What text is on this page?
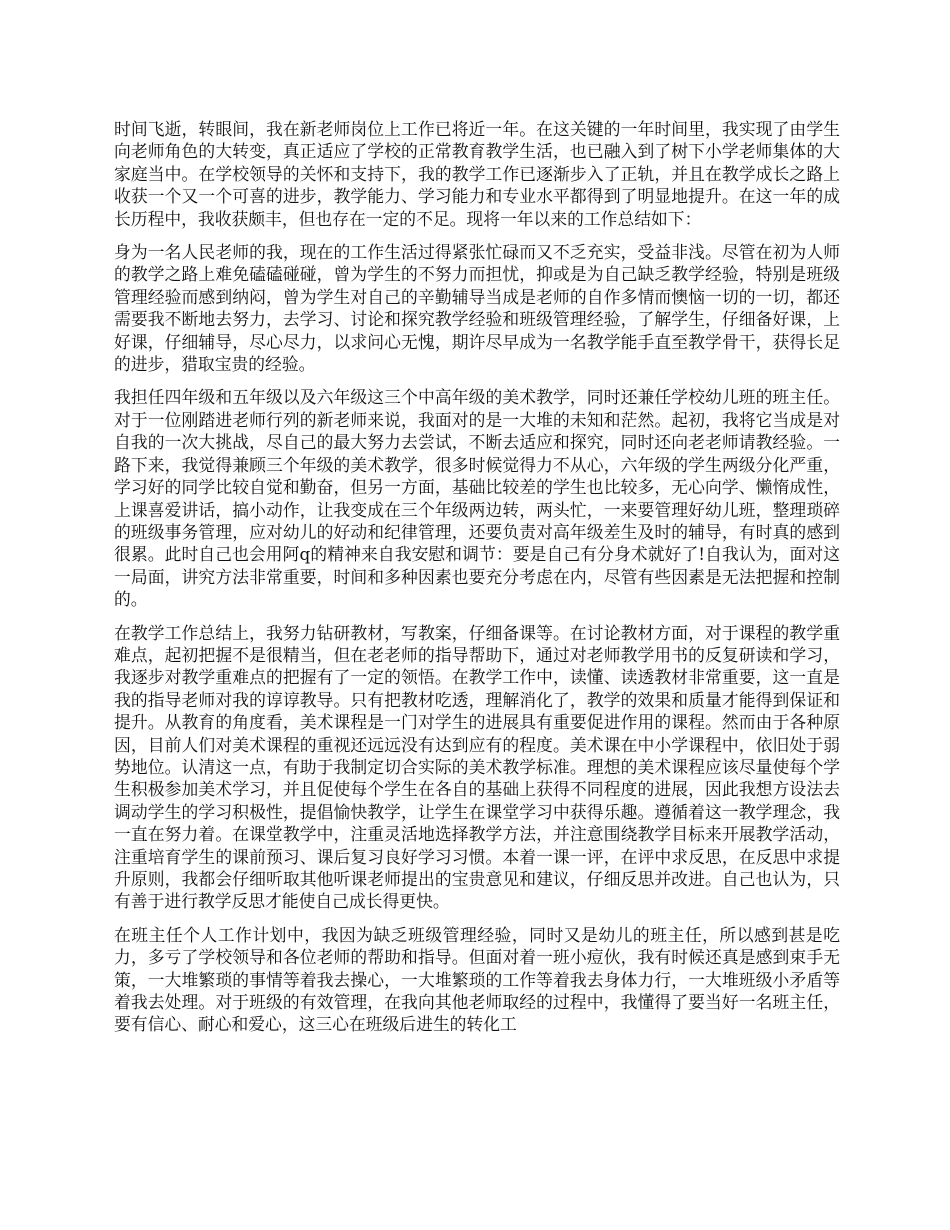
时间飞逝，转眼间，我在新老师岗位上工作已将近一年。在这关键的一年时间里，我实现了由学生向老师角色的大转变，真正适应了学校的正常教育教学生活，也已融入到了树下小学老师集体的大家庭当中。在学校领导的关怀和支持下，我的教学工作已逐渐步入了正轨，并且在教学成长之路上收获一个又一个可喜的进步，教学能力、学习能力和专业水平都得到了明显地提升。在这一年的成长历程中，我收获颇丰，但也存在一定的不足。现将一年以来的工作总结如下：

身为一名人民老师的我，现在的工作生活过得紧张忙碌而又不乏充实，受益非浅。尽管在初为人师的教学之路上难免磕磕碰碰，曾为学生的不努力而担忧，抑或是为自己缺乏教学经验，特别是班级管理经验而感到纳闷，曾为学生对自己的辛勤辅导当成是老师的自作多情而懊恼一切的一切，都还需要我不断地去努力，去学习、讨论和探究教学经验和班级管理经验，了解学生，仔细备好课，上好课，仔细辅导，尽心尽力，以求问心无愧，期许尽早成为一名教学能手直至教学骨干，获得长足的进步，猎取宝贵的经验。

我担任四年级和五年级以及六年级这三个中高年级的美术教学，同时还兼任学校幼儿班的班主任。对于一位刚踏进老师行列的新老师来说，我面对的是一大堆的未知和茫然。起初，我将它当成是对自我的一次大挑战，尽自己的最大努力去尝试，不断去适应和探究，同时还向老老师请教经验。一路下来，我觉得兼顾三个年级的美术教学，很多时候觉得力不从心，六年级的学生两级分化严重，学习好的同学比较自觉和勤奋，但另一方面，基础比较差的学生也比较多，无心向学、懒惰成性，上课喜爱讲话，搞小动作，让我变成在三个年级两边转，两头忙，一来要管理好幼儿班，整理琐碎的班级事务管理，应对幼儿的好动和纪律管理，还要负责对高年级差生及时的辅导，有时真的感到很累。此时自己也会用阿q的精神来自我安慰和调节：要是自己有分身术就好了!自我认为，面对这一局面，讲究方法非常重要，时间和多种因素也要充分考虑在内，尽管有些因素是无法把握和控制的。

在教学工作总结上，我努力钻研教材，写教案，仔细备课等。在讨论教材方面，对于课程的教学重难点，起初把握不是很精当，但在老老师的指导帮助下，通过对老师教学用书的反复研读和学习，我逐步对教学重难点的把握有了一定的领悟。在教学工作中，读懂、读透教材非常重要，这一直是我的指导老师对我的谆谆教导。只有把教材吃透，理解消化了，教学的效果和质量才能得到保证和提升。从教育的角度看，美术课程是一门对学生的进展具有重要促进作用的课程。然而由于各种原因，目前人们对美术课程的重视还远远没有达到应有的程度。美术课在中小学课程中，依旧处于弱势地位。认清这一点，有助于我制定切合实际的美术教学标准。理想的美术课程应该尽量使每个学生积极参加美术学习，并且促使每个学生在各自的基础上获得不同程度的进展，因此我想方设法去调动学生的学习积极性，提倡愉快教学，让学生在课堂学习中获得乐趣。遵循着这一教学理念，我一直在努力着。在课堂教学中，注重灵活地选择教学方法，并注意围绕教学目标来开展教学活动，注重培育学生的课前预习、课后复习良好学习习惯。本着一课一评，在评中求反思，在反思中求提升原则，我都会仔细听取其他听课老师提出的宝贵意见和建议，仔细反思并改进。自己也认为，只有善于进行教学反思才能使自己成长得更快。

在班主任个人工作计划中，我因为缺乏班级管理经验，同时又是幼儿的班主任，所以感到甚是吃力，多亏了学校领导和各位老师的帮助和指导。但面对着一班小痘伙，我有时候还真是感到束手无策，一大堆繁琐的事情等着我去操心，一大堆繁琐的工作等着我去身体力行，一大堆班级小矛盾等着我去处理。对于班级的有效管理，在我向其他老师取经的过程中，我懂得了要当好一名班主任，要有信心、耐心和爱心，这三心在班级后进生的转化工
